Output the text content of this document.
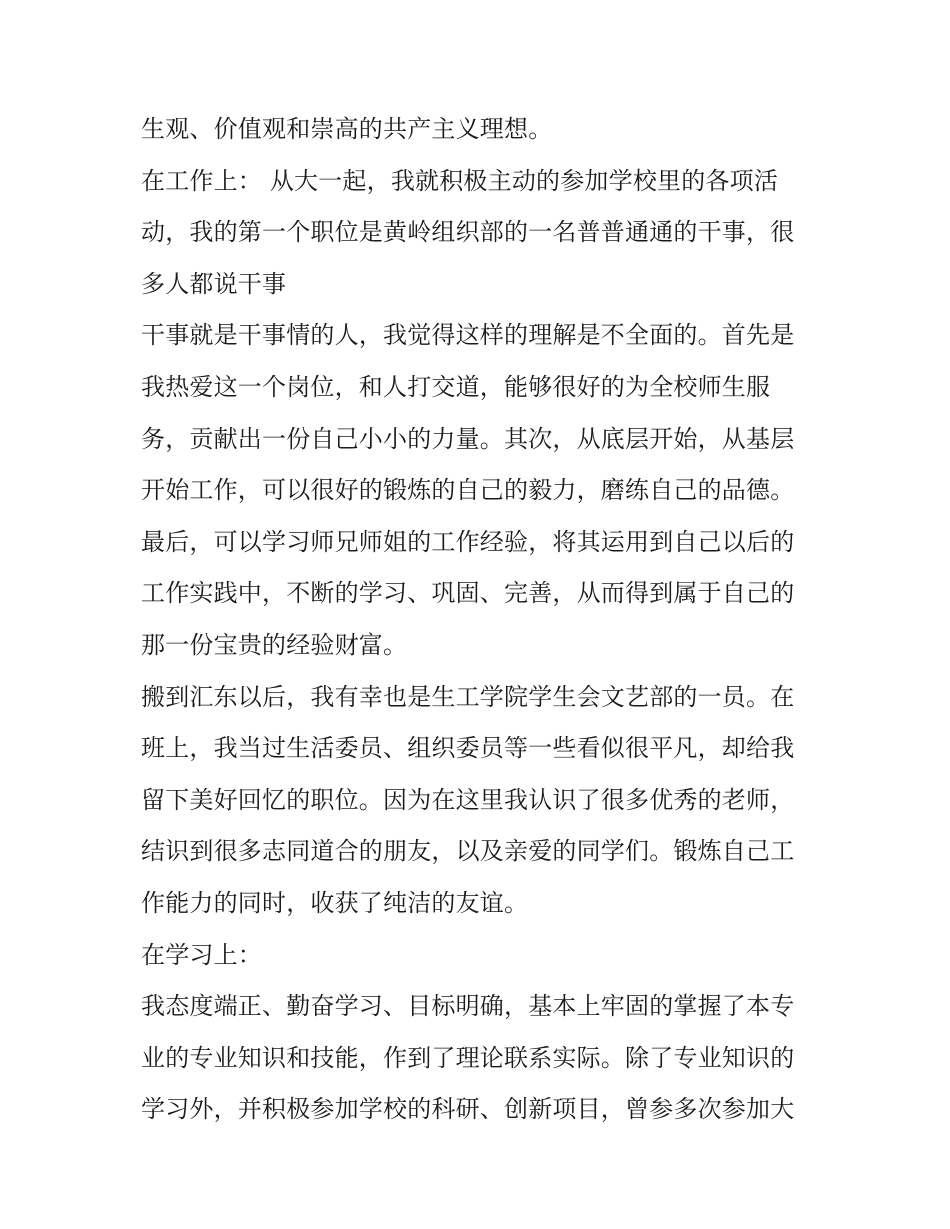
生观、价值观和崇高的共产主义理想。
在工作上： 从大一起，我就积极主动的参加学校里的各项活
动，我的第一个职位是黄岭组织部的一名普普通通的干事，很
多人都说干事
干事就是干事情的人，我觉得这样的理解是不全面的。首先是
我热爱这一个岗位，和人打交道，能够很好的为全校师生服
务，贡献出一份自己小小的力量。其次，从底层开始，从基层
开始工作，可以很好的锻炼的自己的毅力，磨练自己的品德。
最后，可以学习师兄师姐的工作经验，将其运用到自己以后的
工作实践中，不断的学习、巩固、完善，从而得到属于自己的
那一份宝贵的经验财富。
搬到汇东以后，我有幸也是生工学院学生会文艺部的一员。在
班上，我当过生活委员、组织委员等一些看似很平凡，却给我
留下美好回忆的职位。因为在这里我认识了很多优秀的老师，
结识到很多志同道合的朋友，以及亲爱的同学们。锻炼自己工
作能力的同时，收获了纯洁的友谊。
在学习上：
我态度端正、勤奋学习、目标明确，基本上牢固的掌握了本专
业的专业知识和技能，作到了理论联系实际。除了专业知识的
学习外，并积极参加学校的科研、创新项目，曾参多次参加大
